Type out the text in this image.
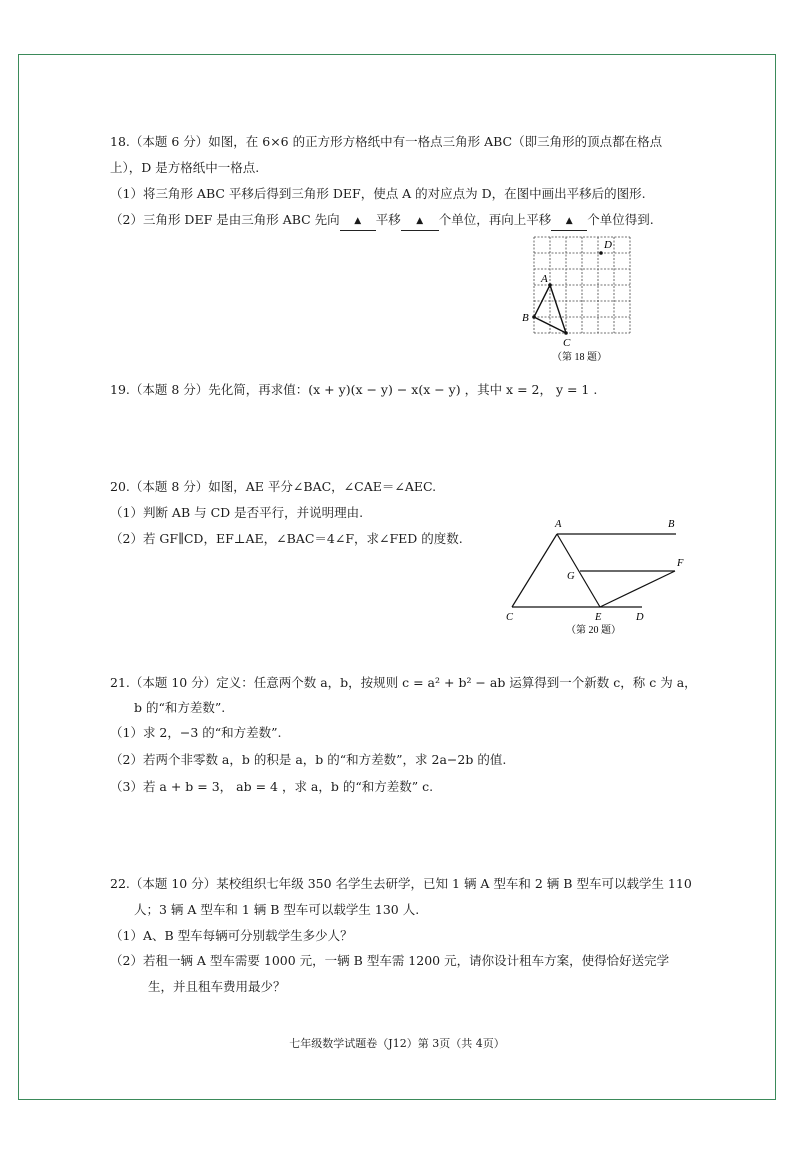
18.（本题 6 分）如图，在 6×6 的正方形方格纸中有一格点三角形 ABC（即三角形的顶点都在格点
上），D 是方格纸中一格点.
（1）将三角形 ABC 平移后得到三角形 DEF，使点 A 的对应点为 D，在图中画出平移后的图形.
（2）三角形 DEF 是由三角形 ABC 先向 ▲ 平移 ▲ 个单位，再向上平移 ▲ 个单位得到.
A
B
C
D
（第 18 题）
19.（本题 8 分）先化简，再求值：(x + y)(x − y) − x(x − y) ，其中 x = 2， y = 1 .
20.（本题 8 分）如图，AE 平分∠BAC，∠CAE＝∠AEC.
（1）判断 AB 与 CD 是否平行，并说明理由.
（2）若 GF∥CD，EF⊥AE，∠BAC＝4∠F，求∠FED 的度数.
A	B
C	D
E
F
G
（第 20 题）
21.（本题 10 分）定义：任意两个数 a，b，按规则 c = a² + b² − ab 运算得到一个新数 c，称 c 为 a，
b 的“和方差数”.
（1）求 2，−3 的“和方差数”.
（2）若两个非零数 a，b 的积是 a，b 的“和方差数”，求 2a−2b 的值.
（3）若 a + b = 3， ab = 4 ，求 a，b 的“和方差数” c.
22.（本题 10 分）某校组织七年级 350 名学生去研学，已知 1 辆 A 型车和 2 辆 B 型车可以载学生 110
人；3 辆 A 型车和 1 辆 B 型车可以载学生 130 人.
（1）A、B 型车每辆可分别载学生多少人？
（2）若租一辆 A 型车需要 1000 元，一辆 B 型车需 1200 元，请你设计租车方案，使得恰好送完学
生，并且租车费用最少？
七年级数学试题卷（J12）第 3页（共 4页）
